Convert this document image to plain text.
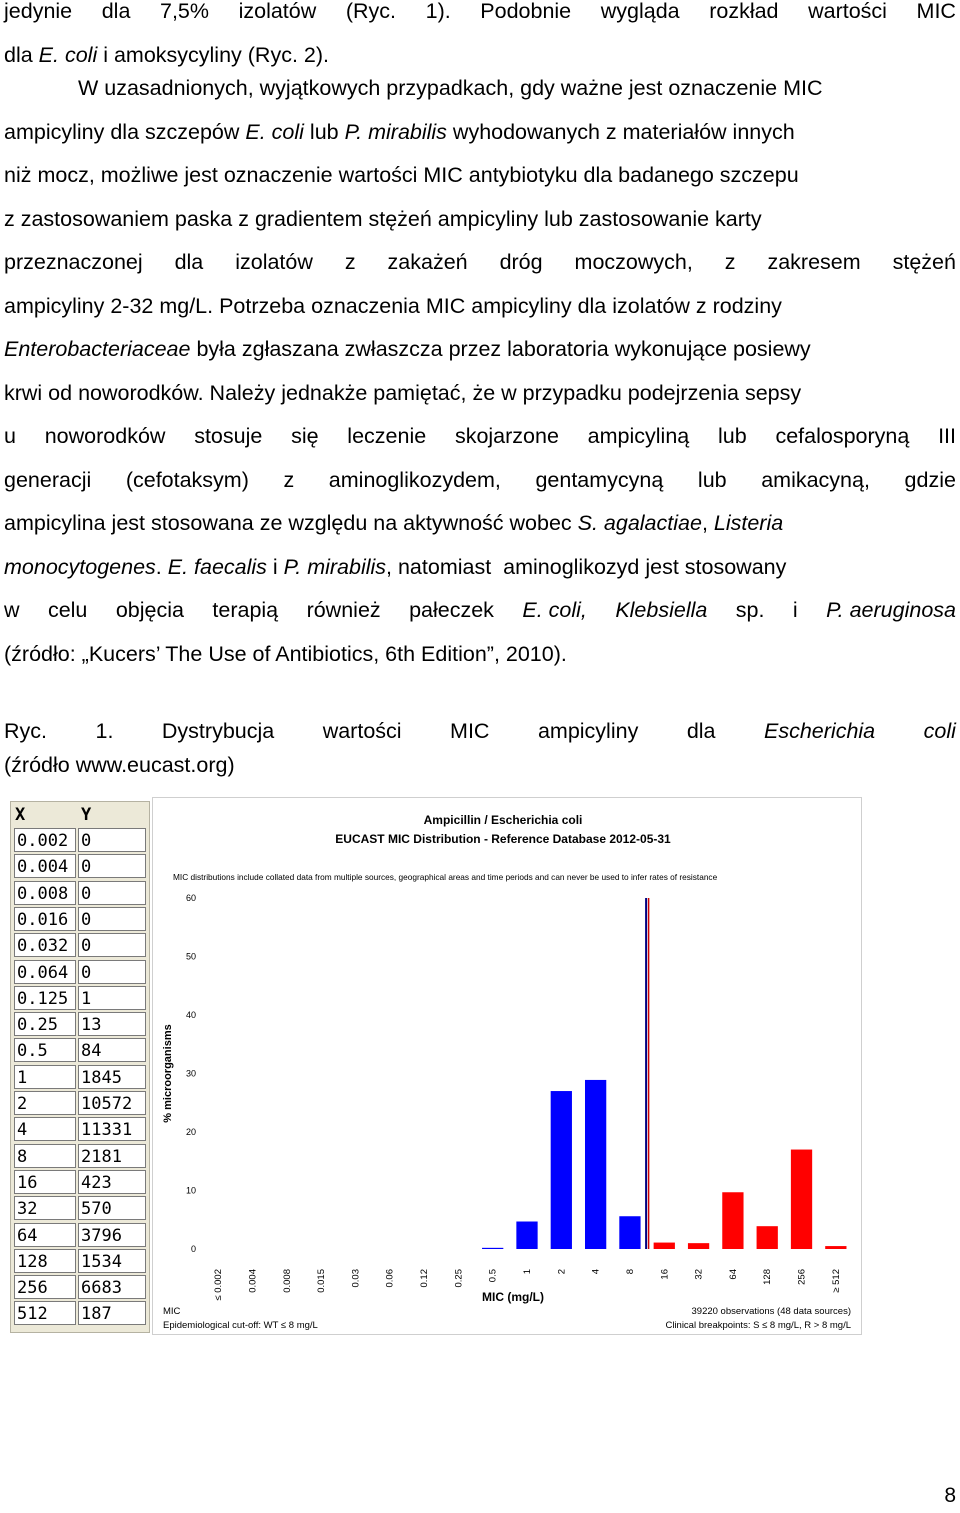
jedynie dla 7,5% izolatów (Ryc. 1). Podobnie wygląda rozkład wartości MIC
dla E. coli i amoksycyliny (Ryc. 2).
W uzasadnionych, wyjątkowych przypadkach, gdy ważne jest oznaczenie MIC
ampicyliny dla szczepów E. coli lub P. mirabilis wyhodowanych z materiałów innych
niż mocz, możliwe jest oznaczenie wartości MIC antybiotyku dla badanego szczepu
z zastosowaniem paska z gradientem stężeń ampicyliny lub zastosowanie karty
przeznaczonej dla izolatów z zakażeń dróg moczowych, z zakresem stężeń
ampicyliny 2-32 mg/L. Potrzeba oznaczenia MIC ampicyliny dla izolatów z rodziny
Enterobacteriaceae była zgłaszana zwłaszcza przez laboratoria wykonujące posiewy
krwi od noworodków. Należy jednakże pamiętać, że w przypadku podejrzenia sepsy
u noworodków stosuje się leczenie skojarzone ampicyliną lub cefalosporyną III
generacji (cefotaksym) z aminoglikozydem, gentamycyną lub amikacyną, gdzie
ampicylina jest stosowana ze względu na aktywność wobec S. agalactiae, Listeria
monocytogenes. E. faecalis i P. mirabilis, natomiast  aminoglikozyd jest stosowany
w celu objęcia terapią również pałeczek E. coli, Klebsiella sp. i P. aeruginosa
(źródło: „Kucers’ The Use of Antibiotics, 6th Edition”, 2010).
Ryc. 1. Dystrybucja wartości MIC ampicyliny dla Escherichia coli
(źródło www.eucast.org)
X	Y
0.002 0
0.004 0
0.008 0
0.016 0
0.032 0
0.064 0
0.125 1
0.25	13
0.5	84
1	1845
2	10572
4	11331
8	2181
16	423
32	570
64	3796
128	1534
256	6683
512	187
Ampicillin / Escherichia coli
EUCAST MIC Distribution - Reference Database 2012-05-31
MIC distributions include collated data from multiple sources, geographical areas and time periods and can never be used to infer rates of resistance
0
10
20
30
40
50
60
% microorganisms
≤ 0.002 0.004 0.008 0.015 0.03 0.06 0.12 0.25 0.5 1 2 4 8 16 32 64 128 256 ≥ 512
MIC (mg/L)
MIC
Epidemiological cut-off: WT ≤ 8 mg/L
39220 observations (48 data sources)
Clinical breakpoints: S ≤ 8 mg/L, R > 8 mg/L
8
